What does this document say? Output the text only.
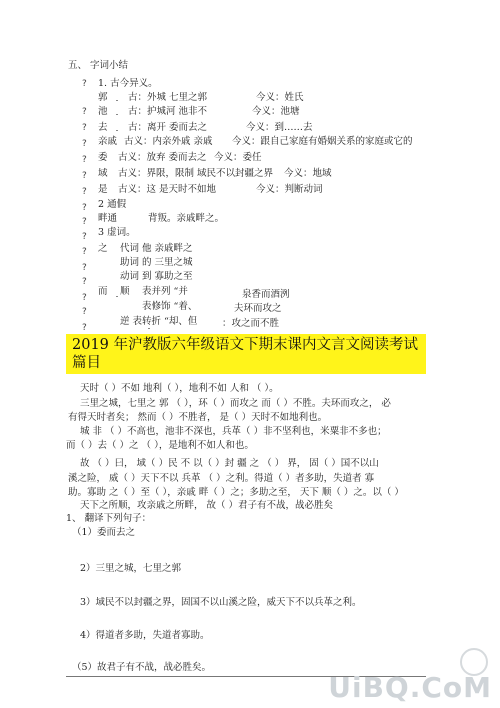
五、 字词小结
? 1. 古今异义。
郭 古：外城 七里之郭	今义：姓氏
? 池 古：护城河 池非不	今义：池塘
? 去 古：离开 委而去之	今义：到……去
? 亲戚 古义：内亲外戚 亲戚 今义：跟自己家庭有婚姻关系的家庭或它的
? 委 古义：放弃 委而去之 今义：委任
? 域 古义：界限，限制 域民不以封疆之界 今义：地域
? 是 古义：这 是天时不如地	今义：判断动词
? 2 通假
? 畔通	背叛。亲戚畔之。
? 3 虚词。
? 之 代词 他 亲戚畔之
?	助词 的 三里之城
?	动词 到 寡助之至
?
而 顺 表并列 “并	泉香而酒洌
?	表修饰 “着、	夫环而攻之
?
逆 表转折 “却、但	：攻之而不胜
2019 年沪教版六年级语文下期末课内文言文阅读考试
篇目
天时（ ）不如 地利（ ），地利不如 人和 （ ）。
三里之城，七里之 郭 （ ），环（ ）而攻之 而（ ）不胜。夫环而攻之， 必
有得天时者矣； 然而（ ）不胜者， 是（ ）天时不如地利也。
城 非 （ ）不高也，池非不深也，兵革（ ）非不坚利也，米粟非不多也；
而（ ）去（ ）之 （ ），是地利不如人和也。
故 （ ）曰， 域（ ）民 不 以（ ）封 疆 之 （ ） 界， 固（ ）国不以山
溪之险， 威（ ）天下不以 兵革 （ ）之利。得道（ ）者多助，失道者 寡
助。寡助 之（ ）至（ ），亲戚 畔（ ）之；多助之至， 天下 顺（ ）之。以（ ）
天下之所顺，攻亲戚之所畔， 故（ ）君子有不战，战必胜矣
1、 翻译下列句子：
（1）委而去之
2）三里之城，七里之郭
3）域民不以封疆之界，固国不以山溪之险，威天下不以兵革之利。
4）得道者多助，失道者寡助。
（5）故君子有不战，战必胜矣。
UiBQ.CoM
